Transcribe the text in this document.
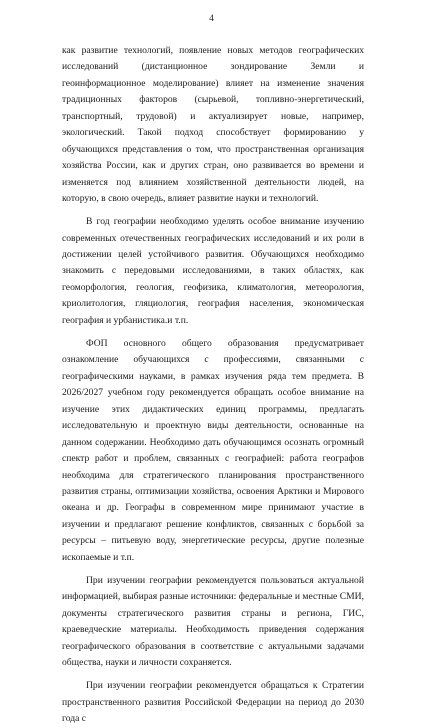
4

как развитие технологий, появление новых методов географических исследований (дистанционное зондирование Земли и геоинформационное моделирование) влияет на изменение значения традиционных факторов (сырьевой, топливно-энергетический, транспортный, трудовой) и актуализирует новые, например, экологический. Такой подход способствует формированию у обучающихся представления о том, что пространственная организация хозяйства России, как и других стран, оно развивается во времени и изменяется под влиянием хозяйственной деятельности людей, на которую, в свою очередь, влияет развитие науки и технологий.

В год географии необходимо уделять особое внимание изучению современных отечественных географических исследований и их роли в достижении целей устойчивого развития. Обучающихся необходимо знакомить с передовыми исследованиями, в таких областях, как геоморфология, геология, геофизика, климатология, метеорология, криолитология, гляциология, география населения, экономическая география и урбанистика.и т.п.

ФОП основного общего образования предусматривает ознакомление обучающихся с профессиями, связанными с географическими науками, в рамках изучения ряда тем предмета. В 2026/2027 учебном году рекомендуется обращать особое внимание на изучение этих дидактических единиц программы, предлагать исследовательную и проектную виды деятельности, основанные на данном содержании. Необходимо дать обучающимся осознать огромный спектр работ и проблем, связанных с географией: работа географов необходима для стратегического планирования пространственного развития страны, оптимизации хозяйства, освоения Арктики и Мирового океана и др. Географы в современном мире принимают участие в изучении и предлагают решение конфликтов, связанных с борьбой за ресурсы – питьевую воду, энергетические ресурсы, другие полезные ископаемые и т.п.

При изучении географии рекомендуется пользоваться актуальной информацией, выбирая разные источники: федеральные и местные СМИ, документы стратегического развития страны и региона, ГИС, краеведческие материалы. Необходимость приведения содержания географического образования в соответствие с актуальными задачами общества, науки и личности сохраняется.

При изучении географии рекомендуется обращаться к Стратегии пространственного развития Российской Федерации на период до 2030 года с
